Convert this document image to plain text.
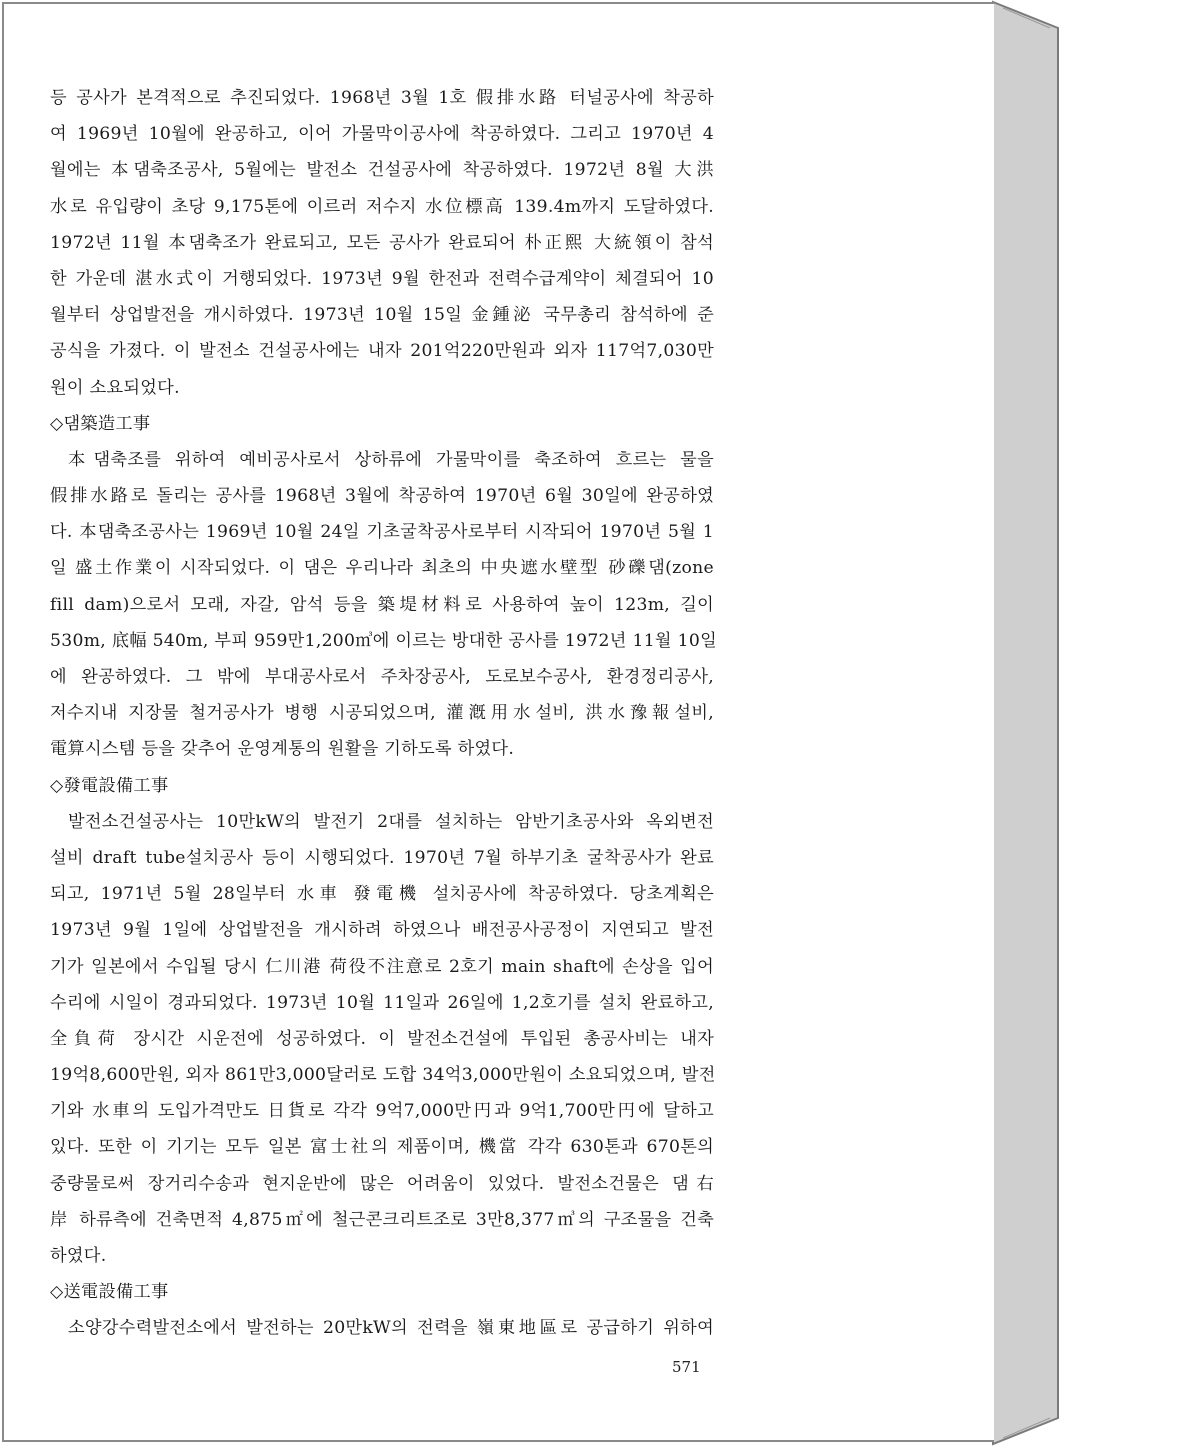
등 공사가 본격적으로 추진되었다. 1968년 3월 1호 假排水路 터널공사에 착공하
여 1969년 10월에 완공하고, 이어 가물막이공사에 착공하였다. 그리고 1970년 4
월에는 本댐축조공사, 5월에는 발전소 건설공사에 착공하였다. 1972년 8월 大洪
水로 유입량이 초당 9,175톤에 이르러 저수지 水位標高 139.4m까지 도달하였다.
1972년 11월 本댐축조가 완료되고, 모든 공사가 완료되어 朴正熙 大統領이 참석
한 가운데 湛水式이 거행되었다. 1973년 9월 한전과 전력수급계약이 체결되어 10
월부터 상업발전을 개시하였다. 1973년 10월 15일 金鍾泌 국무총리 참석하에 준
공식을 가졌다. 이 발전소 건설공사에는 내자 201억220만원과 외자 117억7,030만
원이 소요되었다.
◇댐築造工事
本댐축조를 위하여 예비공사로서 상하류에 가물막이를 축조하여 흐르는 물을
假排水路로 돌리는 공사를 1968년 3월에 착공하여 1970년 6월 30일에 완공하였
다. 本댐축조공사는 1969년 10월 24일 기초굴착공사로부터 시작되어 1970년 5월 1
일 盛土作業이 시작되었다. 이 댐은 우리나라 최초의 中央遮水壁型 砂礫댐(zone
fill dam)으로서 모래, 자갈, 암석 등을 築堤材料로 사용하여 높이 123m, 길이
530m, 底幅 540m, 부피 959만1,200㎥에 이르는 방대한 공사를 1972년 11월 10일
에 완공하였다. 그 밖에 부대공사로서 주차장공사, 도로보수공사, 환경정리공사,
저수지내 지장물 철거공사가 병행 시공되었으며, 灌漑用水설비, 洪水豫報설비,
電算시스템 등을 갖추어 운영계통의 원활을 기하도록 하였다.
◇發電設備工事
발전소건설공사는 10만kW의 발전기 2대를 설치하는 암반기초공사와 옥외변전
설비 draft tube설치공사 등이 시행되었다. 1970년 7월 하부기초 굴착공사가 완료
되고, 1971년 5월 28일부터 水車 發電機 설치공사에 착공하였다. 당초계획은
1973년 9월 1일에 상업발전을 개시하려 하였으나 배전공사공정이 지연되고 발전
기가 일본에서 수입될 당시 仁川港 荷役不注意로 2호기 main shaft에 손상을 입어
수리에 시일이 경과되었다. 1973년 10월 11일과 26일에 1,2호기를 설치 완료하고,
全負荷 장시간 시운전에 성공하였다. 이 발전소건설에 투입된 총공사비는 내자
19억8,600만원, 외자 861만3,000달러로 도합 34억3,000만원이 소요되었으며, 발전
기와 水車의 도입가격만도 日貨로 각각 9억7,000만円과 9억1,700만円에 달하고
있다. 또한 이 기기는 모두 일본 富士社의 제품이며, 機當 각각 630톤과 670톤의
중량물로써 장거리수송과 현지운반에 많은 어려움이 있었다. 발전소건물은 댐右
岸 하류측에 건축면적 4,875㎡에 철근콘크리트조로 3만8,377㎥의 구조물을 건축
하였다.
◇送電設備工事
소양강수력발전소에서 발전하는 20만kW의 전력을 嶺東地區로 공급하기 위하여
571
